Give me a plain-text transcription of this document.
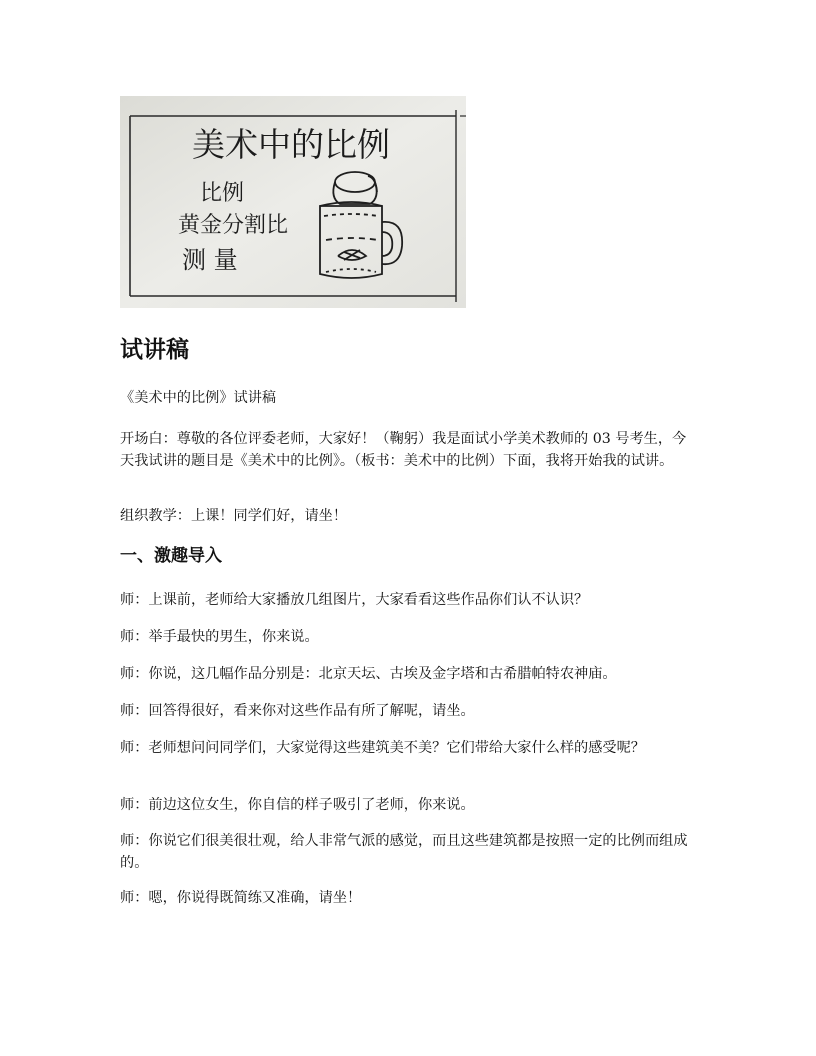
美术中的比例
比例
黄金分割比
测 量
试讲稿

《美术中的比例》试讲稿

开场白：尊敬的各位评委老师，大家好！（鞠躬）我是面试小学美术教师的 03 号考生，今天我试讲的题目是《美术中的比例》。（板书：美术中的比例）下面，我将开始我的试讲。

组织教学：上课！同学们好，请坐！

一、激趣导入

师：上课前，老师给大家播放几组图片，大家看看这些作品你们认不认识？

师：举手最快的男生，你来说。

师：你说，这几幅作品分别是：北京天坛、古埃及金字塔和古希腊帕特农神庙。

师：回答得很好，看来你对这些作品有所了解呢，请坐。

师：老师想问问同学们，大家觉得这些建筑美不美？它们带给大家什么样的感受呢？

师：前边这位女生，你自信的样子吸引了老师，你来说。

师：你说它们很美很壮观，给人非常气派的感觉，而且这些建筑都是按照一定的比例而组成的。

师：嗯，你说得既简练又准确，请坐！
